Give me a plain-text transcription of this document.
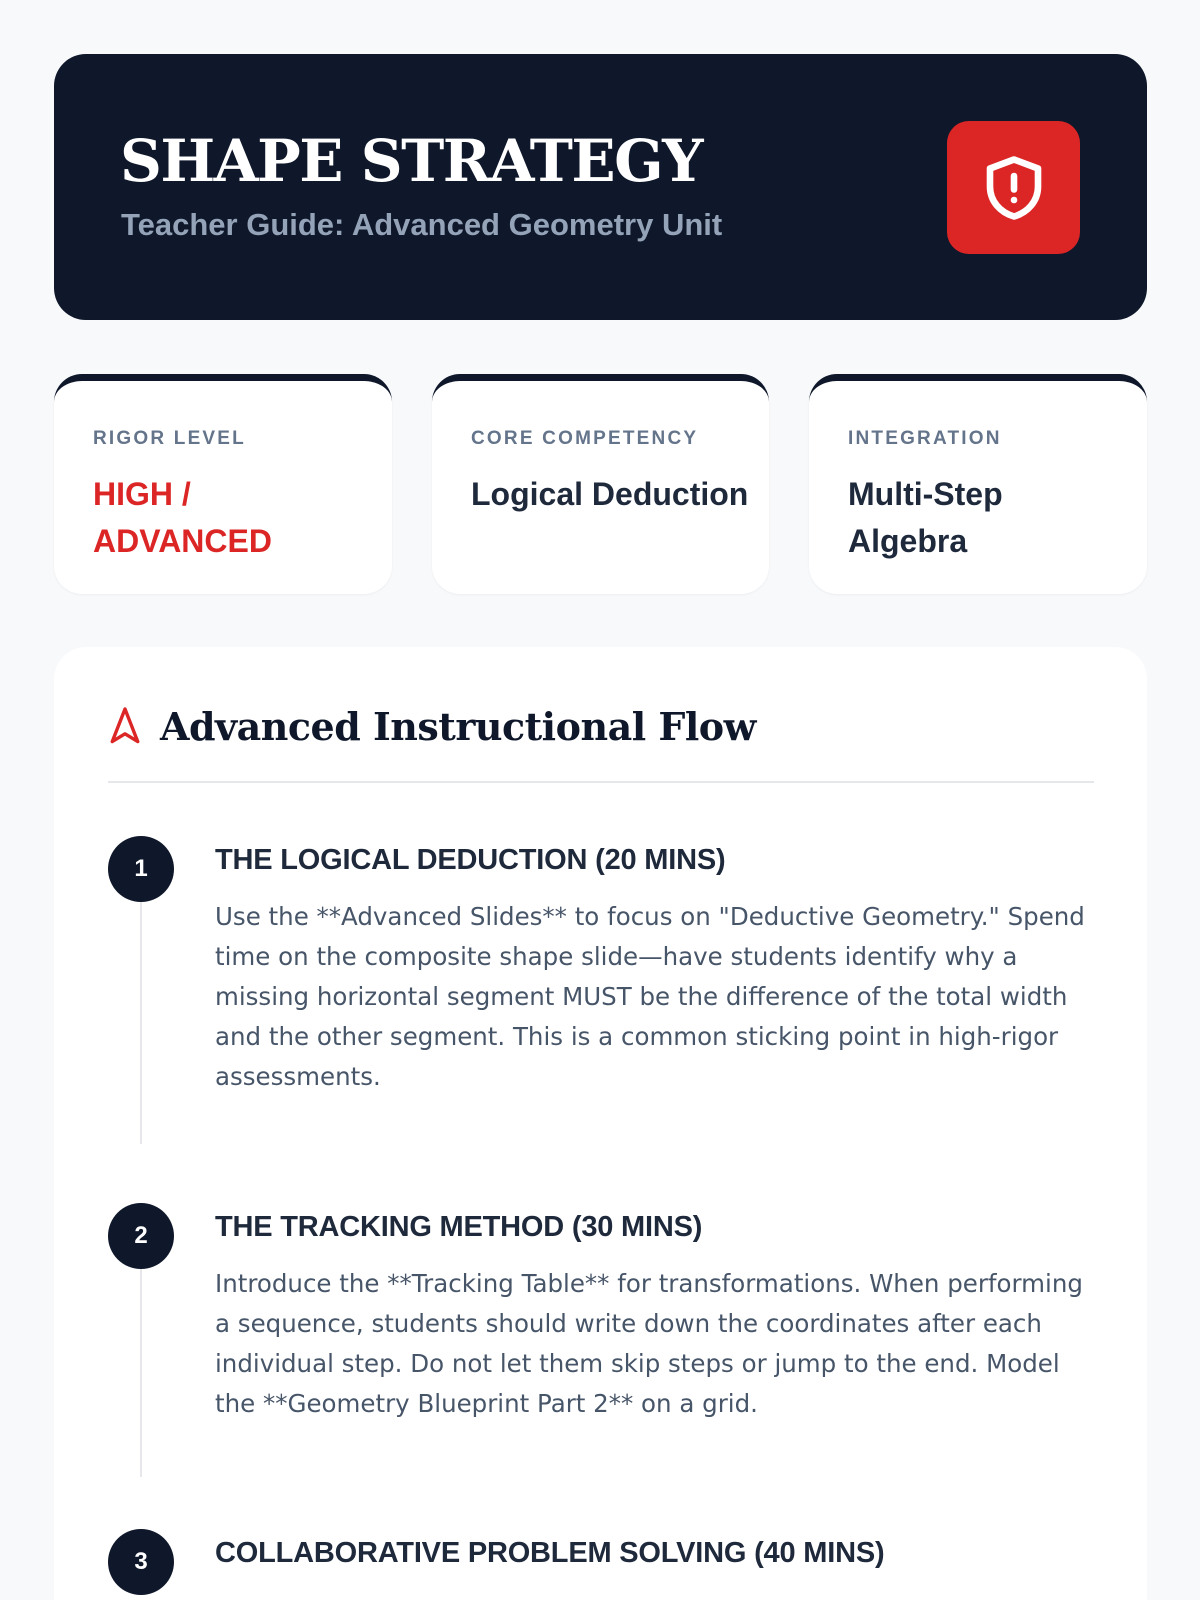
SHAPE STRATEGY
Teacher Guide: Advanced Geometry Unit
RIGOR LEVEL
HIGH / ADVANCED
CORE COMPETENCY
Logical Deduction
INTEGRATION
Multi-Step Algebra
Advanced Instructional Flow
1	THE LOGICAL DEDUCTION (20 MINS)
Use the **Advanced Slides** to focus on "Deductive Geometry." Spend time on the composite shape slide—have students identify why a missing horizontal segment MUST be the difference of the total width and the other segment. This is a common sticking point in high-rigor assessments.
2	THE TRACKING METHOD (30 MINS)
Introduce the **Tracking Table** for transformations. When performing a sequence, students should write down the coordinates after each individual step. Do not let them skip steps or jump to the end. Model the **Geometry Blueprint Part 2** on a grid.
3	COLLABORATIVE PROBLEM SOLVING (40 MINS)
